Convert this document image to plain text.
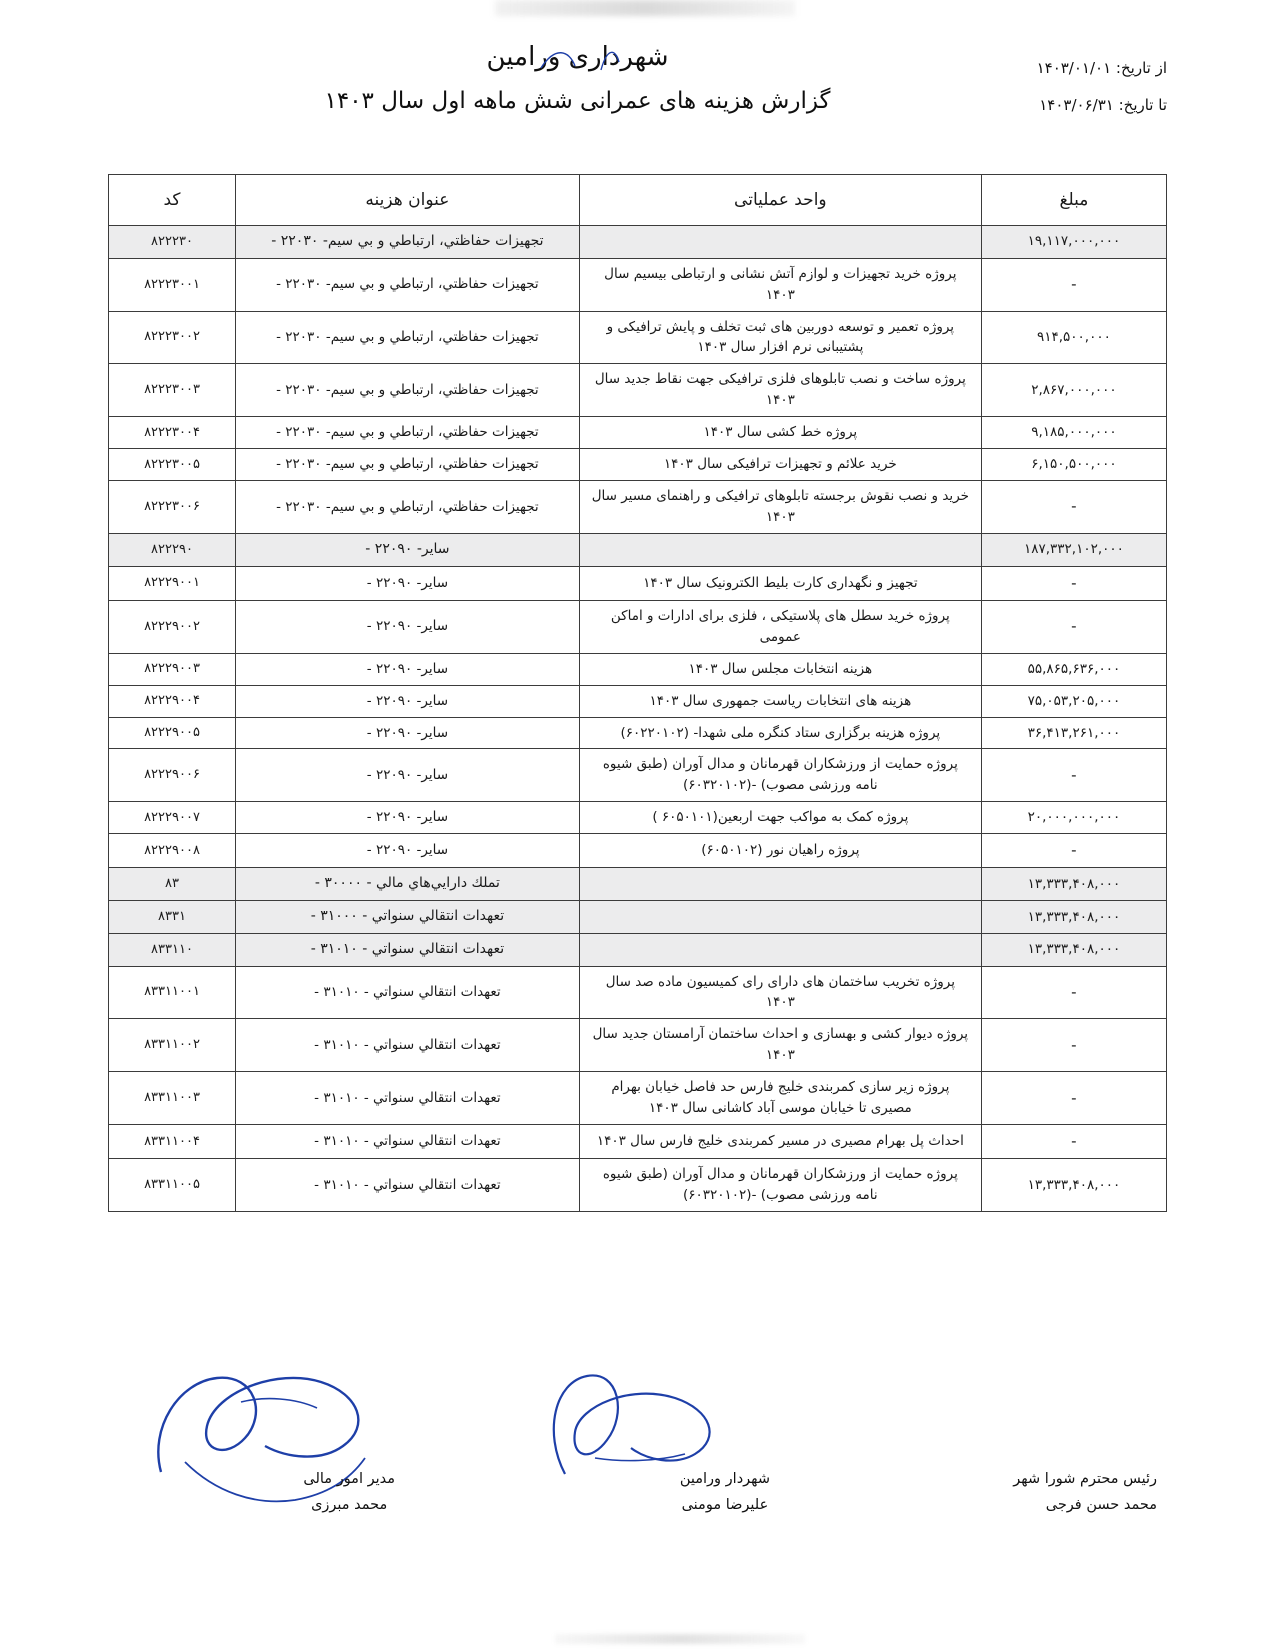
از تاریخ: ۱۴۰۳/۰۱/۰۱
تا تاریخ: ۱۴۰۳/۰۶/۳۱
شهرداری ورامین
گزارش هزینه های عمرانی شش ماهه اول سال ۱۴۰۳
مبلغ	واحد عملیاتی	عنوان هزینه	کد
۱۹,۱۱۷,۰۰۰,۰۰۰		تجهیزات حفاظتي، ارتباطي و بي سيم- ۲۲۰۳۰ -	۸۲۲۲۳۰
-	پروژه خرید تجهیزات و لوازم آتش نشانی و ارتباطی بیسیم سال ۱۴۰۳	تجهیزات حفاظتي، ارتباطي و بي سيم- ۲۲۰۳۰ -	۸۲۲۲۳۰۰۱
۹۱۴,۵۰۰,۰۰۰	پروژه تعمیر و توسعه دوربین های ثبت تخلف و پایش ترافیکی و پشتیبانی نرم افزار سال ۱۴۰۳	تجهیزات حفاظتي، ارتباطي و بي سيم- ۲۲۰۳۰ -	۸۲۲۲۳۰۰۲
۲,۸۶۷,۰۰۰,۰۰۰	پروژه ساخت و نصب تابلوهای فلزی ترافیکی جهت نقاط جدید سال ۱۴۰۳	تجهیزات حفاظتي، ارتباطي و بي سيم- ۲۲۰۳۰ -	۸۲۲۲۳۰۰۳
۹,۱۸۵,۰۰۰,۰۰۰	پروژه خط کشی سال ۱۴۰۳	تجهیزات حفاظتي، ارتباطي و بي سيم- ۲۲۰۳۰ -	۸۲۲۲۳۰۰۴
۶,۱۵۰,۵۰۰,۰۰۰	خرید علائم و تجهیزات ترافیکی سال ۱۴۰۳	تجهیزات حفاظتي، ارتباطي و بي سيم- ۲۲۰۳۰ -	۸۲۲۲۳۰۰۵
-	خرید و نصب نقوش برجسته تابلوهای ترافیکی و راهنمای مسیر سال ۱۴۰۳	تجهیزات حفاظتي، ارتباطي و بي سيم- ۲۲۰۳۰ -	۸۲۲۲۳۰۰۶
۱۸۷,۳۳۲,۱۰۲,۰۰۰		ساير- ۲۲۰۹۰ -	۸۲۲۲۹۰
-	تجهیز و نگهداری کارت بلیط الکترونیک سال ۱۴۰۳	ساير- ۲۲۰۹۰ -	۸۲۲۲۹۰۰۱
-	پروژه خرید سطل های پلاستیکی ، فلزی برای ادارات و اماکن عمومی	ساير- ۲۲۰۹۰ -	۸۲۲۲۹۰۰۲
۵۵,۸۶۵,۶۳۶,۰۰۰	هزینه انتخابات مجلس سال ۱۴۰۳	ساير- ۲۲۰۹۰ -	۸۲۲۲۹۰۰۳
۷۵,۰۵۳,۲۰۵,۰۰۰	هزینه های انتخابات ریاست جمهوری سال ۱۴۰۳	ساير- ۲۲۰۹۰ -	۸۲۲۲۹۰۰۴
۳۶,۴۱۳,۲۶۱,۰۰۰	پروژه هزینه برگزاری ستاد کنگره ملی شهدا- (۶۰۲۲۰۱۰۲)	ساير- ۲۲۰۹۰ -	۸۲۲۲۹۰۰۵
-	پروژه حمایت از ورزشکاران قهرمانان و مدال آوران (طبق شیوه نامه ورزشی مصوب) -(۶۰۳۲۰۱۰۲)	ساير- ۲۲۰۹۰ -	۸۲۲۲۹۰۰۶
۲۰,۰۰۰,۰۰۰,۰۰۰	پروژه کمک به مواکب جهت اربعین(۶۰۵۰۱۰۱ )	ساير- ۲۲۰۹۰ -	۸۲۲۲۹۰۰۷
-	پروژه راهیان نور (۶۰۵۰۱۰۲)	ساير- ۲۲۰۹۰ -	۸۲۲۲۹۰۰۸
۱۳,۳۳۳,۴۰۸,۰۰۰		تملك دارايي‌هاي مالي - ۳۰۰۰۰ -	۸۳
۱۳,۳۳۳,۴۰۸,۰۰۰		تعهدات انتقالي سنواتي - ۳۱۰۰۰ -	۸۳۳۱
۱۳,۳۳۳,۴۰۸,۰۰۰		تعهدات انتقالي سنواتي - ۳۱۰۱۰ -	۸۳۳۱۱۰
-	پروژه تخریب ساختمان های دارای رای کمیسیون ماده صد سال ۱۴۰۳	تعهدات انتقالي سنواتي - ۳۱۰۱۰ -	۸۳۳۱۱۰۰۱
-	پروژه دیوار کشی و بهسازی و احداث ساختمان آرامستان جدید سال ۱۴۰۳	تعهدات انتقالي سنواتي - ۳۱۰۱۰ -	۸۳۳۱۱۰۰۲
-	پروژه زیر سازی کمربندی خلیج فارس حد فاصل خیابان بهرام مصیری تا خیابان موسی آباد کاشانی سال ۱۴۰۳	تعهدات انتقالي سنواتي - ۳۱۰۱۰ -	۸۳۳۱۱۰۰۳
-	احداث پل بهرام مصیری در مسیر کمربندی خلیج فارس سال ۱۴۰۳	تعهدات انتقالي سنواتي - ۳۱۰۱۰ -	۸۳۳۱۱۰۰۴
۱۳,۳۳۳,۴۰۸,۰۰۰	پروژه حمایت از ورزشکاران قهرمانان و مدال آوران (طبق شیوه نامه ورزشی مصوب) -(۶۰۳۲۰۱۰۲)	تعهدات انتقالي سنواتي - ۳۱۰۱۰ -	۸۳۳۱۱۰۰۵
رئیس محترم شورا شهر
محمد حسن فرجی
شهردار ورامین
علیرضا مومنی
مدیر امور مالی
محمد مبرزی
